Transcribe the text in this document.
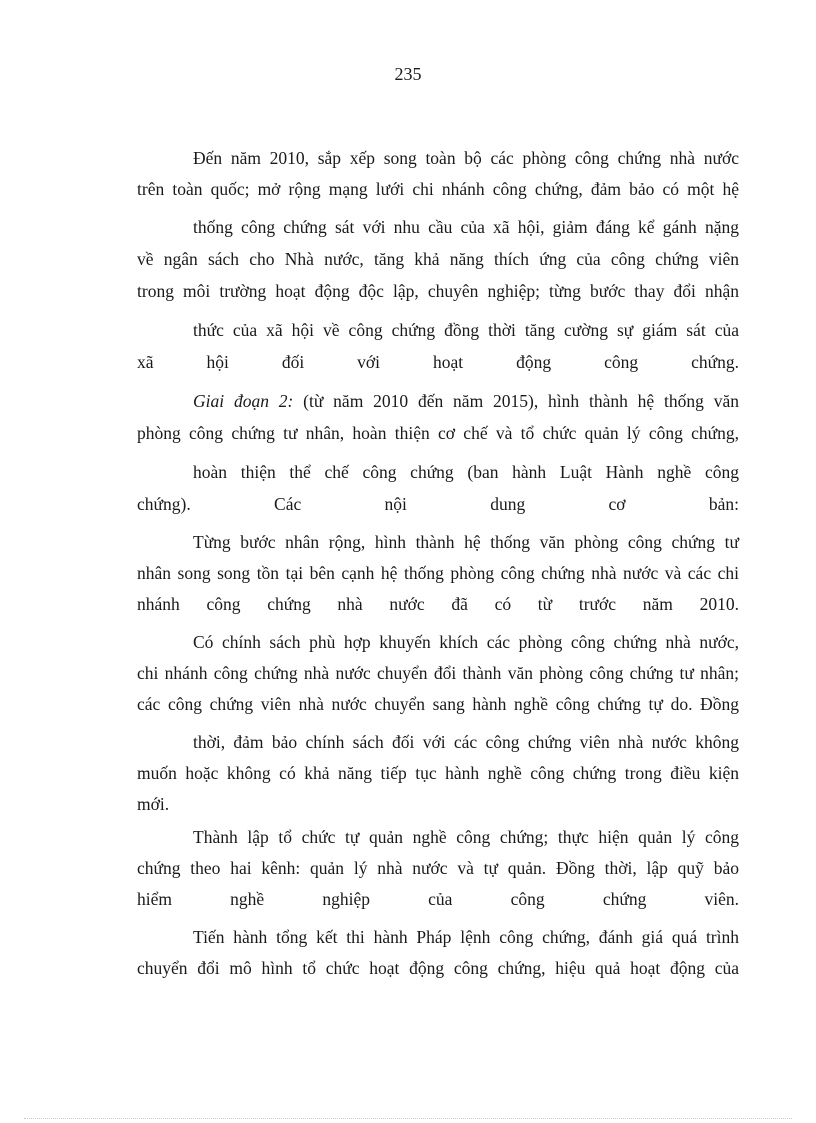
235
Đến năm 2010, sắp xếp song toàn bộ các phòng công chứng nhà nước
trên toàn quốc; mở rộng mạng lưới chi nhánh công chứng, đảm bảo có một hệ
thống công chứng sát với nhu cầu của xã hội, giảm đáng kể gánh nặng
về ngân sách cho Nhà nước, tăng khả năng thích ứng của công chứng viên
trong môi trường hoạt động độc lập, chuyên nghiệp; từng bước thay đổi nhận
thức của xã hội về công chứng đồng thời tăng cường sự giám sát của
xã hội đối với hoạt động công chứng.
Giai đoạn 2: (từ năm 2010 đến năm 2015), hình thành hệ thống văn
phòng công chứng tư nhân, hoàn thiện cơ chế và tổ chức quản lý công chứng,
hoàn thiện thể chế công chứng (ban hành Luật Hành nghề công
chứng). Các nội dung cơ bản:
Từng bước nhân rộng, hình thành hệ thống văn phòng công chứng tư
nhân song song tồn tại bên cạnh hệ thống phòng công chứng nhà nước và các chi
nhánh công chứng nhà nước đã có từ trước năm 2010.
Có chính sách phù hợp khuyến khích các phòng công chứng nhà nước,
chi nhánh công chứng nhà nước chuyển đổi thành văn phòng công chứng tư nhân;
các công chứng viên nhà nước chuyển sang hành nghề công chứng tự do. Đồng
thời, đảm bảo chính sách đối với các công chứng viên nhà nước không
muốn hoặc không có khả năng tiếp tục hành nghề công chứng trong điều kiện
mới.
Thành lập tổ chức tự quản nghề công chứng; thực hiện quản lý công
chứng theo hai kênh: quản lý nhà nước và tự quản. Đồng thời, lập quỹ bảo
hiểm nghề nghiệp của công chứng viên.
Tiến hành tổng kết thi hành Pháp lệnh công chứng, đánh giá quá trình
chuyển đổi mô hình tổ chức hoạt động công chứng, hiệu quả hoạt động của
